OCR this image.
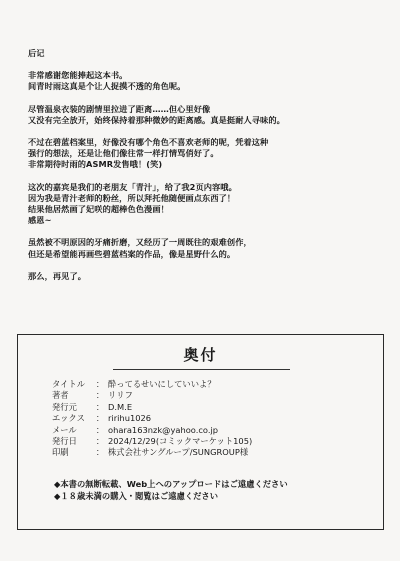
后记

非常感谢您能捧起这本书。

间青时雨这真是个让人捉摸不透的角色呢。

尽管温泉衣装的剧情里拉进了距离……但心里好像

又没有完全放开，始终保持着那种微妙的距离感。真是挺耐人寻味的。

不过在碧蓝档案里，好像没有哪个角色不喜欢老师的呢，凭着这种

强行的想法，还是让他们像往常一样打情骂俏好了。

非常期待时雨的ASMR发售哦！(笑)

这次的嘉宾是我们的老朋友「青汁」，给了我2页内容哦。

因为我是青汁老师的粉丝，所以拜托他随便画点东西了！

结果他居然画了妃咲的超棒色色漫画！

感恩~

虽然被不明原因的牙痛折磨，又经历了一周既往的艰难创作，

但还是希望能再画些碧蓝档案的作品，像是星野什么的。

那么，再见了。

奥付
タイトル	： 酔ってるせいにしていいよ？
著者	： リリフ
発行元	： D.M.E
エックス	： ririhu1026
メール	： ohara163nzk@yahoo.co.jp
発行日	： 2024/12/29(コミックマーケット105)
印刷	： 株式会社サングループ/SUNGROUP様

◆本書の無断転載、Web上へのアップロードはご遠慮ください

◆１８歳未満の購入・閲覧はご遠慮ください
